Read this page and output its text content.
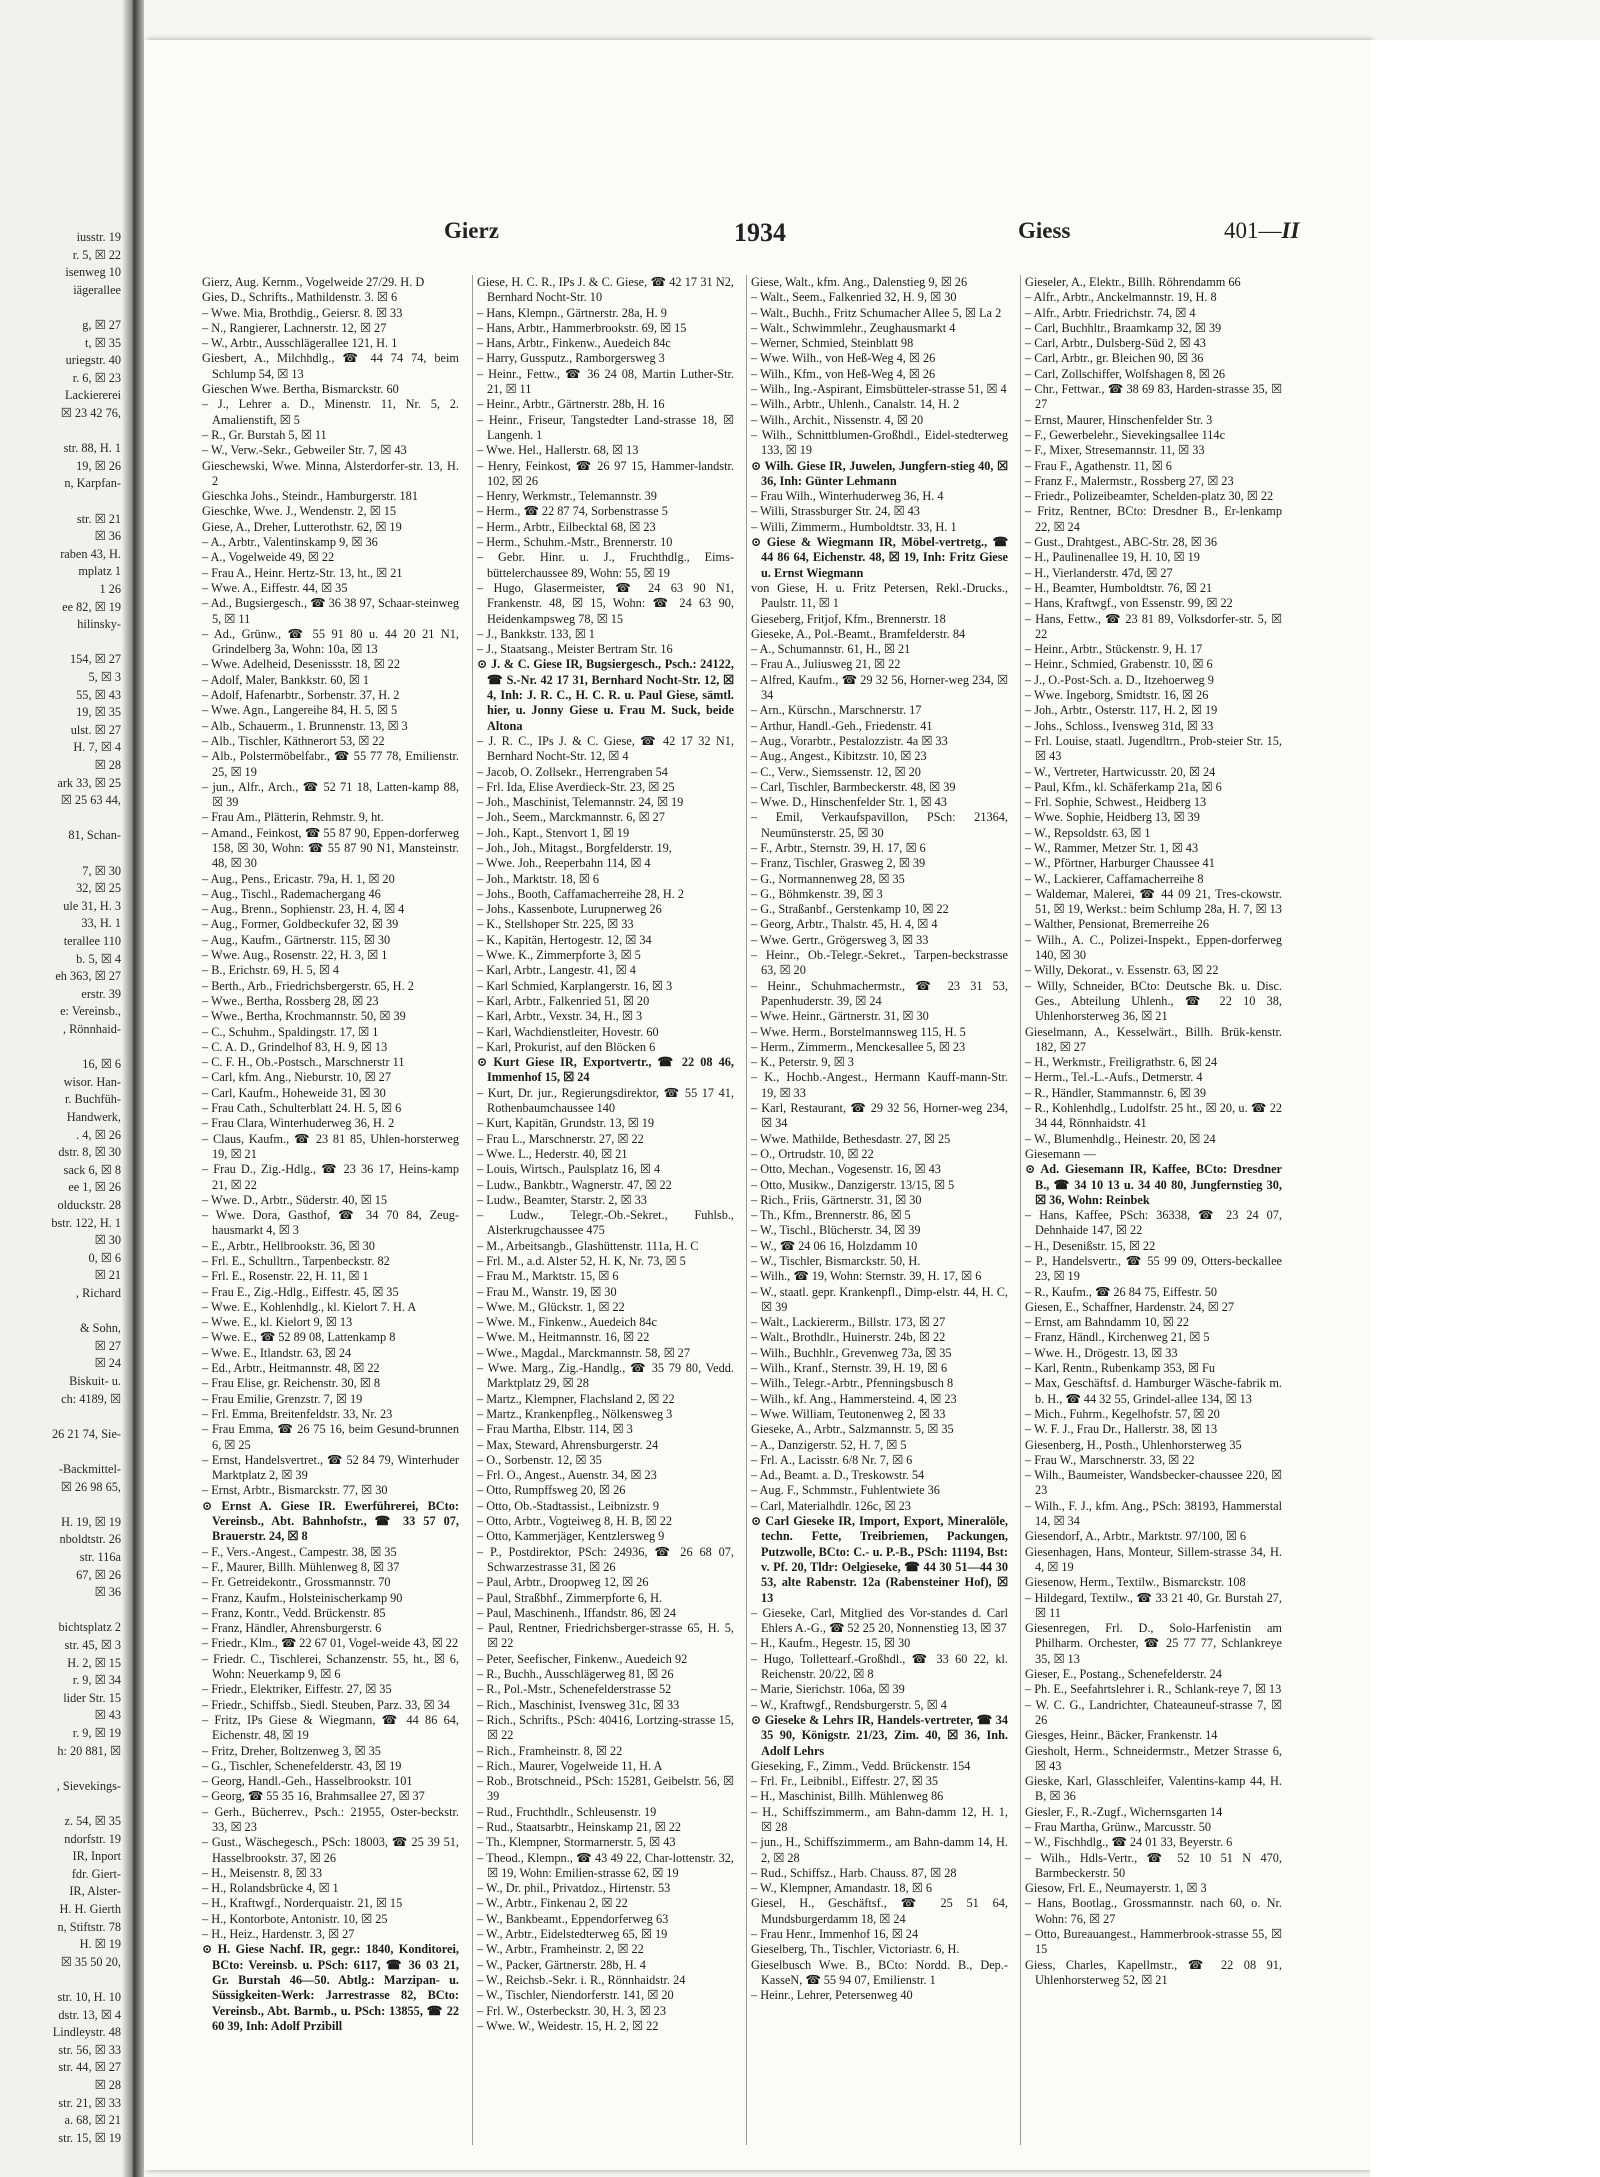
iusstr. 19
r. 5, ☒ 22
isenweg 10
iägerallee
g, ☒ 27
t, ☒ 35
uriegstr. 40
r. 6, ☒ 23
Lackiererei
☒ 23 42 76,
str. 88, H. 1
19, ☒ 26
n, Karpfan-
str. ☒ 21
☒ 36
raben 43, H.
mplatz 1
1 26
ee 82, ☒ 19
hilinsky-
154, ☒ 27
5, ☒ 3
55, ☒ 43
19, ☒ 35
ulst. ☒ 27
H. 7, ☒ 4
☒ 28
ark 33, ☒ 25
☒ 25 63 44,
81, Schan-
7, ☒ 30
32, ☒ 25
ule 31, H. 3
33, H. 1
terallee 110
b. 5, ☒ 4
eh 363, ☒ 27
erstr. 39
e: Vereinsb.,
, Rönnhaid-
16, ☒ 6
wisor. Han-
r. Buchfüh-
Handwerk,
. 4, ☒ 26
dstr. 8, ☒ 30
sack 6, ☒ 8
ee 1, ☒ 26
olduckstr. 28
bstr. 122, H. 1
☒ 30
0, ☒ 6
☒ 21
, Richard
& Sohn,
☒ 27
☒ 24
Biskuit- u.
ch: 4189, ☒
26 21 74, Sie-
-Backmittel-
☒ 26 98 65,
H. 19, ☒ 19
nboldtstr. 26
str. 116a
67, ☒ 26
☒ 36
bichtsplatz 2
str. 45, ☒ 3
H. 2, ☒ 15
r. 9, ☒ 34
lider Str. 15
☒ 43
r. 9, ☒ 19
h: 20 881, ☒
, Sievekings-
z. 54, ☒ 35
ndorfstr. 19
IR, Inport
fdr. Giert-
IR, Alster-
H. H. Gierth
n, Stiftstr. 78
H. ☒ 19
☒ 35 50 20,
str. 10, H. 10
dstr. 13, ☒ 4
Lindleystr. 48
str. 56, ☒ 33
str. 44, ☒ 27
☒ 28
str. 21, ☒ 33
a. 68, ☒ 21
str. 15, ☒ 19
Gierz	1934	Giess	401—II
Gierz, Aug. Kernm., Vogelweide 27/29. H. D
Gies, D., Schrifts., Mathildenstr. 3. ☒ 6
– Wwe. Mia, Brothdig., Geiersr. 8. ☒ 33
– N., Rangierer, Lachnerstr. 12, ☒ 27
– W., Arbtr., Ausschlägerallee 121, H. 1
Giesbert, A., Milchhdlg., ☎ 44 74 74, beim Schlump 54, ☒ 13
Gieschen Wwe. Bertha, Bismarckstr. 60
– J., Lehrer a. D., Minenstr. 11, Nr. 5, 2. Amalienstift, ☒ 5
– R., Gr. Burstah 5, ☒ 11
– W., Verw.-Sekr., Gebweiler Str. 7, ☒ 43
Gieschewski, Wwe. Minna, Alsterdorfer-str. 13, H. 2
Gieschka Johs., Steindr., Hamburgerstr. 181
Gieschke, Wwe. J., Wendenstr. 2, ☒ 15
Giese, A., Dreher, Lutterothstr. 62, ☒ 19
– A., Arbtr., Valentinskamp 9, ☒ 36
– A., Vogelweide 49, ☒ 22
– Frau A., Heinr. Hertz-Str. 13, ht., ☒ 21
– Wwe. A., Eiffestr. 44, ☒ 35
– Ad., Bugsiergesch., ☎ 36 38 97, Schaar-steinweg 5, ☒ 11
– Ad., Grünw., ☎ 55 91 80 u. 44 20 21 N1, Grindelberg 3a, Wohn: 10a, ☒ 13
– Wwe. Adelheid, Desenissstr. 18, ☒ 22
– Adolf, Maler, Bankkstr. 60, ☒ 1
– Adolf, Hafenarbtr., Sorbenstr. 37, H. 2
– Wwe. Agn., Langereihe 84, H. 5, ☒ 5
– Alb., Schauerm., 1. Brunnenstr. 13, ☒ 3
– Alb., Tischler, Käthnerort 53, ☒ 22
– Alb., Polstermöbelfabr., ☎ 55 77 78, Emilienstr. 25, ☒ 19
– jun., Alfr., Arch., ☎ 52 71 18, Latten-kamp 88, ☒ 39
– Frau Am., Plätterin, Rehmstr. 9, ht.
– Amand., Feinkost, ☎ 55 87 90, Eppen-dorferweg 158, ☒ 30, Wohn: ☎ 55 87 90 N1, Mansteinstr. 48, ☒ 30
– Aug., Pens., Ericastr. 79a, H. 1, ☒ 20
– Aug., Tischl., Rademachergang 46
– Aug., Brenn., Sophienstr. 23, H. 4, ☒ 4
– Aug., Former, Goldbeckufer 32, ☒ 39
– Aug., Kaufm., Gärtnerstr. 115, ☒ 30
– Wwe. Aug., Rosenstr. 22, H. 3, ☒ 1
– B., Erichstr. 69, H. 5, ☒ 4
– Berth., Arb., Friedrichsbergerstr. 65, H. 2
– Wwe., Bertha, Rossberg 28, ☒ 23
– Wwe., Bertha, Krochmannstr. 50, ☒ 39
– C., Schuhm., Spaldingstr. 17, ☒ 1
– C. A. D., Grindelhof 83, H. 9, ☒ 13
– C. F. H., Ob.-Postsch., Marschnerstr 11
– Carl, kfm. Ang., Nieburstr. 10, ☒ 27
– Carl, Kaufm., Hoheweide 31, ☒ 30
– Frau Cath., Schulterblatt 24. H. 5, ☒ 6
– Frau Clara, Winterhuderweg 36, H. 2
– Claus, Kaufm., ☎ 23 81 85, Uhlen-horsterweg 19, ☒ 21
– Frau D., Zig.-Hdlg., ☎ 23 36 17, Heins-kamp 21, ☒ 22
– Wwe. D., Arbtr., Süderstr. 40, ☒ 15
– Wwe. Dora, Gasthof, ☎ 34 70 84, Zeug-hausmarkt 4, ☒ 3
– E., Arbtr., Hellbrookstr. 36, ☒ 30
– Frl. E., Schulltrn., Tarpenbeckstr. 82
– Frl. E., Rosenstr. 22, H. 11, ☒ 1
– Frau E., Zig.-Hdlg., Eiffestr. 45, ☒ 35
– Wwe. E., Kohlenhdlg., kl. Kielort 7. H. A
– Wwe. E., kl. Kielort 9, ☒ 13
– Wwe. E., ☎ 52 89 08, Lattenkamp 8
– Wwe. E., Itlandstr. 63, ☒ 24
– Ed., Arbtr., Heitmannstr. 48, ☒ 22
– Frau Elise, gr. Reichenstr. 30, ☒ 8
– Frau Emilie, Grenzstr. 7, ☒ 19
– Frl. Emma, Breitenfeldstr. 33, Nr. 23
– Frau Emma, ☎ 26 75 16, beim Gesund-brunnen 6, ☒ 25
– Ernst, Handelsvertret., ☎ 52 84 79, Winterhuder Marktplatz 2, ☒ 39
– Ernst, Arbtr., Bismarckstr. 77, ☒ 30
⊙ Ernst A. Giese IR. Ewerführerei, BCto: Vereinsb., Abt. Bahnhofstr., ☎ 33 57 07, Brauerstr. 24, ☒ 8
– F., Vers.-Angest., Campestr. 38, ☒ 35
– F., Maurer, Billh. Mühlenweg 8, ☒ 37
– Fr. Getreidekontr., Grossmannstr. 70
– Franz, Kaufm., Holsteinischerkamp 90
– Franz, Kontr., Vedd. Brückenstr. 85
– Franz, Händler, Ahrensburgerstr. 6
– Friedr., Klm., ☎ 22 67 01, Vogel-weide 43, ☒ 22
– Friedr. C., Tischlerei, Schanzenstr. 55, ht., ☒ 6, Wohn: Neuerkamp 9, ☒ 6
– Friedr., Elektriker, Eiffestr. 27, ☒ 35
– Friedr., Schiffsb., Siedl. Steuben, Parz. 33, ☒ 34
– Fritz, IPs Giese & Wiegmann, ☎ 44 86 64, Eichenstr. 48, ☒ 19
– Fritz, Dreher, Boltzenweg 3, ☒ 35
– G., Tischler, Schenefelderstr. 43, ☒ 19
– Georg, Handl.-Geh., Hasselbrookstr. 101
– Georg, ☎ 55 35 16, Brahmsallee 27, ☒ 37
– Gerh., Bücherrev., Psch.: 21955, Oster-beckstr. 33, ☒ 23
– Gust., Wäschegesch., PSch: 18003, ☎ 25 39 51, Hasselbrookstr. 37, ☒ 26
– H., Meisenstr. 8, ☒ 33
– H., Rolandsbrücke 4, ☒ 1
– H., Kraftwgf., Norderquaistr. 21, ☒ 15
– H., Kontorbote, Antonistr. 10, ☒ 25
– H., Heiz., Hardenstr. 3, ☒ 27
⊙ H. Giese Nachf. IR, gegr.: 1840, Konditorei, BCto: Vereinsb. u. PSch: 6117, ☎ 36 03 21, Gr. Burstah 46—50. Abtlg.: Marzipan- u. Süssigkeiten-Werk: Jarrestrasse 82, BCto: Vereinsb., Abt. Barmb., u. PSch: 13855, ☎ 22 60 39, Inh: Adolf Przibill
Giese, H. C. R., IPs J. & C. Giese, ☎ 42 17 31 N2, Bernhard Nocht-Str. 10
– Hans, Klempn., Gärtnerstr. 28a, H. 9
– Hans, Arbtr., Hammerbrookstr. 69, ☒ 15
– Hans, Arbtr., Finkenw., Auedeich 84c
– Harry, Gussputz., Ramborgersweg 3
– Heinr., Fettw., ☎ 36 24 08, Martin Luther-Str. 21, ☒ 11
– Heinr., Arbtr., Gärtnerstr. 28b, H. 16
– Heinr., Friseur, Tangstedter Land-strasse 18, ☒ Langenh. 1
– Wwe. Hel., Hallerstr. 68, ☒ 13
– Henry, Feinkost, ☎ 26 97 15, Hammer-landstr. 102, ☒ 26
– Henry, Werkmstr., Telemannstr. 39
– Herm., ☎ 22 87 74, Sorbenstrasse 5
– Herm., Arbtr., Eilbecktal 68, ☒ 23
– Herm., Schuhm.-Mstr., Brennerstr. 10
– Gebr. Hinr. u. J., Fruchthdlg., Eims-büttelerchaussee 89, Wohn: 55, ☒ 19
– Hugo, Glasermeister, ☎ 24 63 90 N1, Frankenstr. 48, ☒ 15, Wohn: ☎ 24 63 90, Heidenkampsweg 78, ☒ 15
– J., Bankkstr. 133, ☒ 1
– J., Staatsang., Meister Bertram Str. 16
⊙ J. & C. Giese IR, Bugsiergesch., Psch.: 24122, ☎ S.-Nr. 42 17 31, Bernhard Nocht-Str. 12, ☒ 4, Inh: J. R. C., H. C. R. u. Paul Giese, sämtl. hier, u. Jonny Giese u. Frau M. Suck, beide Altona
– J. R. C., IPs J. & C. Giese, ☎ 42 17 32 N1, Bernhard Nocht-Str. 12, ☒ 4
– Jacob, O. Zollsekr., Herrengraben 54
– Frl. Ida, Elise Averdieck-Str. 23, ☒ 25
– Joh., Maschinist, Telemannstr. 24, ☒ 19
– Joh., Seem., Marckmannstr. 6, ☒ 27
– Joh., Kapt., Stenvort 1, ☒ 19
– Joh., Joh., Mitagst., Borgfelderstr. 19,
– Wwe. Joh., Reeperbahn 114, ☒ 4
– Joh., Marktstr. 18, ☒ 6
– Johs., Booth, Caffamacherreihe 28, H. 2
– Johs., Kassenbote, Lurupnerweg 26
– K., Stellshoper Str. 225, ☒ 33
– K., Kapitän, Hertogestr. 12, ☒ 34
– Wwe. K., Zimmerpforte 3, ☒ 5
– Karl, Arbtr., Langestr. 41, ☒ 4
– Karl Schmied, Karplangerstr. 16, ☒ 3
– Karl, Arbtr., Falkenried 51, ☒ 20
– Karl, Arbtr., Vexstr. 34, H., ☒ 3
– Karl, Wachdienstleiter, Hovestr. 60
– Karl, Prokurist, auf den Blöcken 6
⊙ Kurt Giese IR, Exportvertr., ☎ 22 08 46, Immenhof 15, ☒ 24
– Kurt, Dr. jur., Regierungsdirektor, ☎ 55 17 41, Rothenbaumchaussee 140
– Kurt, Kapitän, Grundstr. 13, ☒ 19
– Frau L., Marschnerstr. 27, ☒ 22
– Wwe. L., Hederstr. 40, ☒ 21
– Louis, Wirtsch., Paulsplatz 16, ☒ 4
– Ludw., Bankbtr., Wagnerstr. 47, ☒ 22
– Ludw., Beamter, Starstr. 2, ☒ 33
– Ludw., Telegr.-Ob.-Sekret., Fuhlsb., Alsterkrugchaussee 475
– M., Arbeitsangb., Glashüttenstr. 111a, H. C
– Frl. M., a.d. Alster 52, H. K, Nr. 73, ☒ 5
– Frau M., Marktstr. 15, ☒ 6
– Frau M., Wanstr. 19, ☒ 30
– Wwe. M., Glückstr. 1, ☒ 22
– Wwe. M., Finkenw., Auedeich 84c
– Wwe. M., Heitmannstr. 16, ☒ 22
– Wwe., Magdal., Marckmannstr. 58, ☒ 27
– Wwe. Marg., Zig.-Handlg., ☎ 35 79 80, Vedd. Marktplatz 29, ☒ 28
– Martz., Klempner, Flachsland 2, ☒ 22
– Martz., Krankenpfleg., Nölkensweg 3
– Frau Martha, Elbstr. 114, ☒ 3
– Max, Steward, Ahrensburgerstr. 24
– O., Sorbenstr. 12, ☒ 35
– Frl. O., Angest., Auenstr. 34, ☒ 23
– Otto, Rumpffsweg 20, ☒ 26
– Otto, Ob.-Stadtassist., Leibnizstr. 9
– Otto, Arbtr., Vogteiweg 8, H. B, ☒ 22
– Otto, Kammerjäger, Kentzlersweg 9
– P., Postdirektor, PSch: 24936, ☎ 26 68 07, Schwarzestrasse 31, ☒ 26
– Paul, Arbtr., Droopweg 12, ☒ 26
– Paul, Straßbhf., Zimmerpforte 6, H.
– Paul, Maschinenh., Iffandstr. 86, ☒ 24
– Paul, Rentner, Friedrichsberger-strasse 65, H. 5, ☒ 22
– Peter, Seefischer, Finkenw., Auedeich 92
– R., Buchh., Ausschlägerweg 81, ☒ 26
– R., Pol.-Mstr., Schenefelderstrasse 52
– Rich., Maschinist, Ivensweg 31c, ☒ 33
– Rich., Schrifts., PSch: 40416, Lortzing-strasse 15, ☒ 22
– Rich., Framheinstr. 8, ☒ 22
– Rich., Maurer, Vogelweide 11, H. A
– Rob., Brotschneid., PSch: 15281, Geibelstr. 56, ☒ 39
– Rud., Fruchthdlr., Schleusenstr. 19
– Rud., Staatsarbtr., Heinskamp 21, ☒ 22
– Th., Klempner, Stormarnerstr. 5, ☒ 43
– Theod., Klempn., ☎ 43 49 22, Char-lottenstr. 32, ☒ 19, Wohn: Emilien-strasse 62, ☒ 19
– W., Dr. phil., Privatdoz., Hirtenstr. 53
– W., Arbtr., Finkenau 2, ☒ 22
– W., Bankbeamt., Eppendorferweg 63
– W., Arbtr., Eidelstedterweg 65, ☒ 19
– W., Arbtr., Framheinstr. 2, ☒ 22
– W., Packer, Gärtnerstr. 28b, H. 4
– W., Reichsb.-Sekr. i. R., Rönnhaidstr. 24
– W., Tischler, Niendorferstr. 141, ☒ 20
– Frl. W., Osterbeckstr. 30, H. 3, ☒ 23
– Wwe. W., Weidestr. 15, H. 2, ☒ 22
Giese, Walt., kfm. Ang., Dalenstieg 9, ☒ 26
– Walt., Seem., Falkenried 32, H. 9, ☒ 30
– Walt., Buchh., Fritz Schumacher Allee 5, ☒ La 2
– Walt., Schwimmlehr., Zeughausmarkt 4
– Werner, Schmied, Steinblatt 98
– Wwe. Wilh., von Heß-Weg 4, ☒ 26
– Wilh., Kfm., von Heß-Weg 4, ☒ 26
– Wilh., Ing.-Aspirant, Eimsbütteler-strasse 51, ☒ 4
– Wilh., Arbtr., Uhlenh., Canalstr. 14, H. 2
– Wilh., Archit., Nissenstr. 4, ☒ 20
– Wilh., Schnittblumen-Großhdl., Eidel-stedterweg 133, ☒ 19
⊙ Wilh. Giese IR, Juwelen, Jungfern-stieg 40, ☒ 36, Inh: Günter Lehmann
– Frau Wilh., Winterhuderweg 36, H. 4
– Willi, Strassburger Str. 24, ☒ 43
– Willi, Zimmerm., Humboldtstr. 33, H. 1
⊙ Giese & Wiegmann IR, Möbel-vertretg., ☎ 44 86 64, Eichenstr. 48, ☒ 19, Inh: Fritz Giese u. Ernst Wiegmann
von Giese, H. u. Fritz Petersen, Rekl.-Drucks., Paulstr. 11, ☒ 1
Gieseberg, Fritjof, Kfm., Brennerstr. 18
Gieseke, A., Pol.-Beamt., Bramfelderstr. 84
– A., Schumannstr. 61, H., ☒ 21
– Frau A., Juliusweg 21, ☒ 22
– Alfred, Kaufm., ☎ 29 32 56, Horner-weg 234, ☒ 34
– Arn., Kürschn., Marschnerstr. 17
– Arthur, Handl.-Geh., Friedenstr. 41
– Aug., Vorarbtr., Pestalozzistr. 4a ☒ 33
– Aug., Angest., Kibitzstr. 10, ☒ 23
– C., Verw., Siemssenstr. 12, ☒ 20
– Carl, Tischler, Barmbeckerstr. 48, ☒ 39
– Wwe. D., Hinschenfelder Str. 1, ☒ 43
– Emil, Verkaufspavillon, PSch: 21364, Neumünsterstr. 25, ☒ 30
– F., Arbtr., Sternstr. 39, H. 17, ☒ 6
– Franz, Tischler, Grasweg 2, ☒ 39
– G., Normannenweg 28, ☒ 35
– G., Böhmkenstr. 39, ☒ 3
– G., Straßanbf., Gerstenkamp 10, ☒ 22
– Georg, Arbtr., Thalstr. 45, H. 4, ☒ 4
– Wwe. Gertr., Grögersweg 3, ☒ 33
– Heinr., Ob.-Telegr.-Sekret., Tarpen-beckstrasse 63, ☒ 20
– Heinr., Schuhmachermstr., ☎ 23 31 53, Papenhuderstr. 39, ☒ 24
– Wwe. Heinr., Gärtnerstr. 31, ☒ 30
– Wwe. Herm., Borstelmannsweg 115, H. 5
– Herm., Zimmerm., Menckesallee 5, ☒ 23
– K., Peterstr. 9, ☒ 3
– K., Hochb.-Angest., Hermann Kauff-mann-Str. 19, ☒ 33
– Karl, Restaurant, ☎ 29 32 56, Horner-weg 234, ☒ 34
– Wwe. Mathilde, Bethesdastr. 27, ☒ 25
– O., Ortrudstr. 10, ☒ 22
– Otto, Mechan., Vogesenstr. 16, ☒ 43
– Otto, Musikw., Danzigerstr. 13/15, ☒ 5
– Rich., Friis, Gärtnerstr. 31, ☒ 30
– Th., Kfm., Brennerstr. 86, ☒ 5
– W., Tischl., Blücherstr. 34, ☒ 39
– W., ☎ 24 06 16, Holzdamm 10
– W., Tischler, Bismarckstr. 50, H.
– Wilh., ☎ 19, Wohn: Sternstr. 39, H. 17, ☒ 6
– W., staatl. gepr. Krankenpfl., Dimp-elstr. 44, H. C, ☒ 39
– Walt., Lackiererm., Billstr. 173, ☒ 27
– Walt., Brothdlr., Huinerstr. 24b, ☒ 22
– Wilh., Buchhlr., Grevenweg 73a, ☒ 35
– Wilh., Kranf., Sternstr. 39, H. 19, ☒ 6
– Wilh., Telegr.-Arbtr., Pfenningsbusch 8
– Wilh., kf. Ang., Hammersteind. 4, ☒ 23
– Wwe. William, Teutonenweg 2, ☒ 33
Gieseke, A., Arbtr., Salzmannstr. 5, ☒ 35
– A., Danzigerstr. 52, H. 7, ☒ 5
– Frl. A., Lacisstr. 6/8 Nr. 7, ☒ 6
– Ad., Beamt. a. D., Treskowstr. 54
– Aug. F., Schmmstr., Fuhlentwiete 36
– Carl, Materialhdlr. 126c, ☒ 23
⊙ Carl Gieseke IR, Import, Export, Mineralöle, techn. Fette, Treibriemen, Packungen, Putzwolle, BCto: C.- u. P.-B., PSch: 11194, Bst: v. Pf. 20, Tldr: Oelgieseke, ☎ 44 30 51—44 30 53, alte Rabenstr. 12a (Rabensteiner Hof), ☒ 13
– Gieseke, Carl, Mitglied des Vor-standes d. Carl Ehlers A.-G., ☎ 52 25 20, Nonnenstieg 13, ☒ 37
– H., Kaufm., Hegestr. 15, ☒ 30
– Hugo, Tollettearf.-Großhdl., ☎ 33 60 22, kl. Reichenstr. 20/22, ☒ 8
– Marie, Sierichstr. 106a, ☒ 39
– W., Kraftwgf., Rendsburgerstr. 5, ☒ 4
⊙ Gieseke & Lehrs IR, Handels-vertreter, ☎ 34 35 90, Königstr. 21/23, Zim. 40, ☒ 36, Inh. Adolf Lehrs
Gieseking, F., Zimm., Vedd. Brückenstr. 154
– Frl. Fr., Leibnibl., Eiffestr. 27, ☒ 35
– H., Maschinist, Billh. Mühlenweg 86
– H., Schiffszimmerm., am Bahn-damm 12, H. 1, ☒ 28
– jun., H., Schiffszimmerm., am Bahn-damm 14, H. 2, ☒ 28
– Rud., Schiffsz., Harb. Chauss. 87, ☒ 28
– W., Klempner, Amandastr. 18, ☒ 6
Giesel, H., Geschäftsf., ☎ 25 51 64, Mundsburgerdamm 18, ☒ 24
– Frau Henr., Immenhof 16, ☒ 24
Gieselberg, Th., Tischler, Victoriastr. 6, H.
Gieselbusch Wwe. B., BCto: Nordd. B., Dep.-KasseN, ☎ 55 94 07, Emilienstr. 1
– Heinr., Lehrer, Petersenweg 40
Gieseler, A., Elektr., Billh. Röhrendamm 66
– Alfr., Arbtr., Anckelmannstr. 19, H. 8
– Alfr., Arbtr. Friedrichstr. 74, ☒ 4
– Carl, Buchhltr., Braamkamp 32, ☒ 39
– Carl, Arbtr., Dulsberg-Süd 2, ☒ 43
– Carl, Arbtr., gr. Bleichen 90, ☒ 36
– Carl, Zollschiffer, Wolfshagen 8, ☒ 26
– Chr., Fettwar., ☎ 38 69 83, Harden-strasse 35, ☒ 27
– Ernst, Maurer, Hinschenfelder Str. 3
– F., Gewerbelehr., Sievekingsallee 114c
– F., Mixer, Stresemannstr. 11, ☒ 33
– Frau F., Agathenstr. 11, ☒ 6
– Franz F., Malermstr., Rossberg 27, ☒ 23
– Friedr., Polizeibeamter, Schelden-platz 30, ☒ 22
– Fritz, Rentner, BCto: Dresdner B., Er-lenkamp 22, ☒ 24
– Gust., Drahtgest., ABC-Str. 28, ☒ 36
– H., Paulinenallee 19, H. 10, ☒ 19
– H., Vierlanderstr. 47d, ☒ 27
– H., Beamter, Humboldtstr. 76, ☒ 21
– Hans, Kraftwgf., von Essenstr. 99, ☒ 22
– Hans, Fettw., ☎ 23 81 89, Volksdorfer-str. 5, ☒ 22
– Heinr., Arbtr., Stückenstr. 9, H. 17
– Heinr., Schmied, Grabenstr. 10, ☒ 6
– J., O.-Post-Sch. a. D., Itzehoerweg 9
– Wwe. Ingeborg, Smidtstr. 16, ☒ 26
– Joh., Arbtr., Osterstr. 117, H. 2, ☒ 19
– Johs., Schloss., Ivensweg 31d, ☒ 33
– Frl. Louise, staatl. Jugendltrn., Prob-steier Str. 15, ☒ 43
– W., Vertreter, Hartwicusstr. 20, ☒ 24
– Paul, Kfm., kl. Schäferkamp 21a, ☒ 6
– Frl. Sophie, Schwest., Heidberg 13
– Wwe. Sophie, Heidberg 13, ☒ 39
– W., Repsoldstr. 63, ☒ 1
– W., Rammer, Metzer Str. 1, ☒ 43
– W., Pförtner, Harburger Chaussee 41
– W., Lackierer, Caffamacherreihe 8
– Waldemar, Malerei, ☎ 44 09 21, Tres-ckowstr. 51, ☒ 19, Werkst.: beim Schlump 28a, H. 7, ☒ 13
– Walther, Pensionat, Bremerreihe 26
– Wilh., A. C., Polizei-Inspekt., Eppen-dorferweg 140, ☒ 30
– Willy, Dekorat., v. Essenstr. 63, ☒ 22
– Willy, Schneider, BCto: Deutsche Bk. u. Disc. Ges., Abteilung Uhlenh., ☎ 22 10 38, Uhlenhorsterweg 36, ☒ 21
Gieselmann, A., Kesselwärt., Billh. Brük-kenstr. 182, ☒ 27
– H., Werkmstr., Freiligrathstr. 6, ☒ 24
– Herm., Tel.-L.-Aufs., Detmerstr. 4
– R., Händler, Stammannstr. 6, ☒ 39
– R., Kohlenhdlg., Ludolfstr. 25 ht., ☒ 20, u. ☎ 22 34 44, Rönnhaidstr. 41
– W., Blumenhdlg., Heinestr. 20, ☒ 24
Giesemann —
⊙ Ad. Giesemann IR, Kaffee, BCto: Dresdner B., ☎ 34 10 13 u. 34 40 80, Jungfernstieg 30, ☒ 36, Wohn: Reinbek
– Hans, Kaffee, PSch: 36338, ☎ 23 24 07, Dehnhaide 147, ☒ 22
– H., Desenißstr. 15, ☒ 22
– P., Handelsvertr., ☎ 55 99 09, Otters-beckallee 23, ☒ 19
– R., Kaufm., ☎ 26 84 75, Eiffestr. 50
Giesen, E., Schaffner, Hardenstr. 24, ☒ 27
– Ernst, am Bahndamm 10, ☒ 22
– Franz, Händl., Kirchenweg 21, ☒ 5
– Wwe. H., Drögestr. 13, ☒ 33
– Karl, Rentn., Rubenkamp 353, ☒ Fu
– Max, Geschäftsf. d. Hamburger Wäsche-fabrik m. b. H., ☎ 44 32 55, Grindel-allee 134, ☒ 13
– Mich., Fuhrm., Kegelhofstr. 57, ☒ 20
– W. F. J., Frau Dr., Hallerstr. 38, ☒ 13
Giesenberg, H., Posth., Uhlenhorsterweg 35
– Frau W., Marschnerstr. 33, ☒ 22
– Wilh., Baumeister, Wandsbecker-chaussee 220, ☒ 23
– Wilh., F. J., kfm. Ang., PSch: 38193, Hammerstal 14, ☒ 34
Giesendorf, A., Arbtr., Marktstr. 97/100, ☒ 6
Giesenhagen, Hans, Monteur, Sillem-strasse 34, H. 4, ☒ 19
Giesenow, Herm., Textilw., Bismarckstr. 108
– Hildegard, Textilw., ☎ 33 21 40, Gr. Burstah 27, ☒ 11
Giesenregen, Frl. D., Solo-Harfenistin am Philharm. Orchester, ☎ 25 77 77, Schlankreye 35, ☒ 13
Gieser, E., Postang., Schenefelderstr. 24
– Ph. E., Seefahrtslehrer i. R., Schlank-reye 7, ☒ 13
– W. C. G., Landrichter, Chateauneuf-strasse 7, ☒ 26
Giesges, Heinr., Bäcker, Frankenstr. 14
Giesholt, Herm., Schneidermstr., Metzer Strasse 6, ☒ 43
Gieske, Karl, Glasschleifer, Valentins-kamp 44, H. B, ☒ 36
Giesler, F., R.-Zugf., Wichernsgarten 14
– Frau Martha, Grünw., Marcusstr. 50
– W., Fischhdlg., ☎ 24 01 33, Beyerstr. 6
– Wilh., Hdls-Vertr., ☎ 52 10 51 N 470, Barmbeckerstr. 50
Giesow, Frl. E., Neumayerstr. 1, ☒ 3
– Hans, Bootlag., Grossmannstr. nach 60, o. Nr. Wohn: 76, ☒ 27
– Otto, Bureauangest., Hammerbrook-strasse 55, ☒ 15
Giess, Charles, Kapellmstr., ☎ 22 08 91, Uhlenhorsterweg 52, ☒ 21
